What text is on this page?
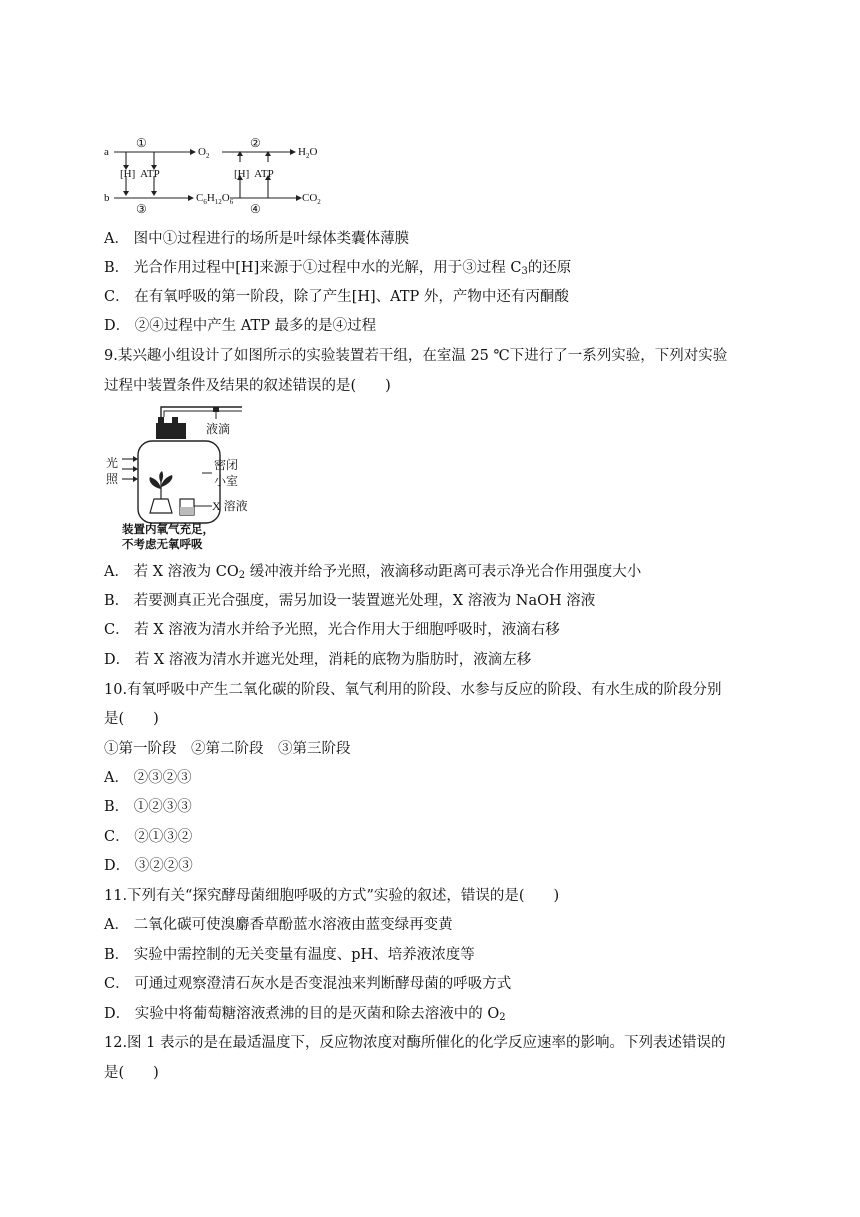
a
b
①	②
③	④
[H]  ATP	[H]  ATP
$O_2$	$H_2O$
$C_6H_{12}O_6$	$CO_2$
A． 图中①过程进行的场所是叶绿体类囊体薄膜
B． 光合作用过程中[H]来源于①过程中水的光解，用于③过程 $C_3$的还原
C． 在有氧呼吸的第一阶段，除了产生[H]、ATP 外，产物中还有丙酮酸
D． ②④过程中产生 ATP 最多的是④过程
9.某兴趣小组设计了如图所示的实验装置若干组，在室温 25 ℃下进行了一系列实验，下列对实验
过程中装置条件及结果的叙述错误的是(　　)
液滴
光
照
密闭
小室
X 溶液
装置内氧气充足，
不考虑无氧呼吸
A． 若 X 溶液为 $CO_2$ 缓冲液并给予光照，液滴移动距离可表示净光合作用强度大小
B． 若要测真正光合强度，需另加设一装置遮光处理，X 溶液为 NaOH 溶液
C． 若 X 溶液为清水并给予光照，光合作用大于细胞呼吸时，液滴右移
D． 若 X 溶液为清水并遮光处理，消耗的底物为脂肪时，液滴左移
10.有氧呼吸中产生二氧化碳的阶段、氧气利用的阶段、水参与反应的阶段、有水生成的阶段分别
是(　　)
①第一阶段　②第二阶段　③第三阶段
A． ②③②③
B． ①②③③
C． ②①③②
D． ③②②③
11.下列有关“探究酵母菌细胞呼吸的方式”实验的叙述，错误的是(　　)
A． 二氧化碳可使溴麝香草酚蓝水溶液由蓝变绿再变黄
B． 实验中需控制的无关变量有温度、pH、培养液浓度等
C． 可通过观察澄清石灰水是否变混浊来判断酵母菌的呼吸方式
D． 实验中将葡萄糖溶液煮沸的目的是灭菌和除去溶液中的 $O_2$
12.图 1 表示的是在最适温度下，反应物浓度对酶所催化的化学反应速率的影响。下列表述错误的
是(　　)
